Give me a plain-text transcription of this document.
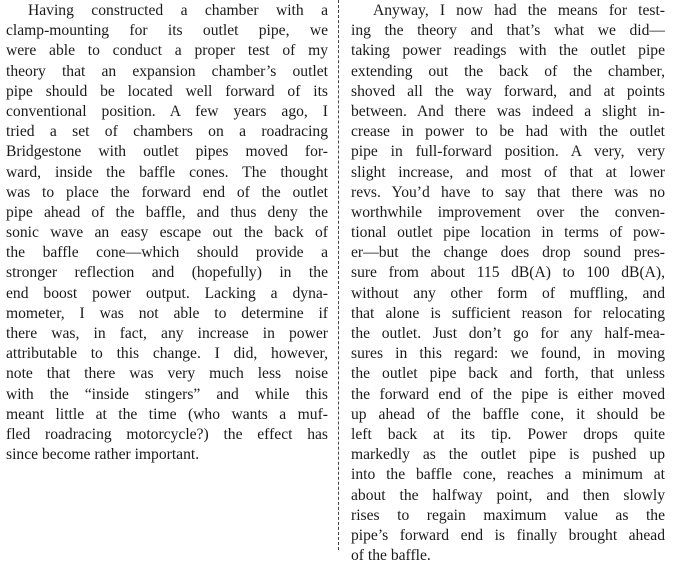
Having constructed a chamber with a
clamp-mounting for its outlet pipe, we
were able to conduct a proper test of my
theory that an expansion chamber’s outlet
pipe should be located well forward of its
conventional position. A few years ago, I
tried a set of chambers on a roadracing
Bridgestone with outlet pipes moved for-
ward, inside the baffle cones. The thought
was to place the forward end of the outlet
pipe ahead of the baffle, and thus deny the
sonic wave an easy escape out the back of
the baffle cone—which should provide a
stronger reflection and (hopefully) in the
end boost power output. Lacking a dyna-
mometer, I was not able to determine if
there was, in fact, any increase in power
attributable to this change. I did, however,
note that there was very much less noise
with the “inside stingers” and while this
meant little at the time (who wants a muf-
fled roadracing motorcycle?) the effect has
since become rather important.
Anyway, I now had the means for test-
ing the theory and that’s what we did—
taking power readings with the outlet pipe
extending out the back of the chamber,
shoved all the way forward, and at points
between. And there was indeed a slight in-
crease in power to be had with the outlet
pipe in full-forward position. A very, very
slight increase, and most of that at lower
revs. You’d have to say that there was no
worthwhile improvement over the conven-
tional outlet pipe location in terms of pow-
er—but the change does drop sound pres-
sure from about 115 dB(A) to 100 dB(A),
without any other form of muffling, and
that alone is sufficient reason for relocating
the outlet. Just don’t go for any half-mea-
sures in this regard: we found, in moving
the outlet pipe back and forth, that unless
the forward end of the pipe is either moved
up ahead of the baffle cone, it should be
left back at its tip. Power drops quite
markedly as the outlet pipe is pushed up
into the baffle cone, reaches a minimum at
about the halfway point, and then slowly
rises to regain maximum value as the
pipe’s forward end is finally brought ahead
of the baffle.
